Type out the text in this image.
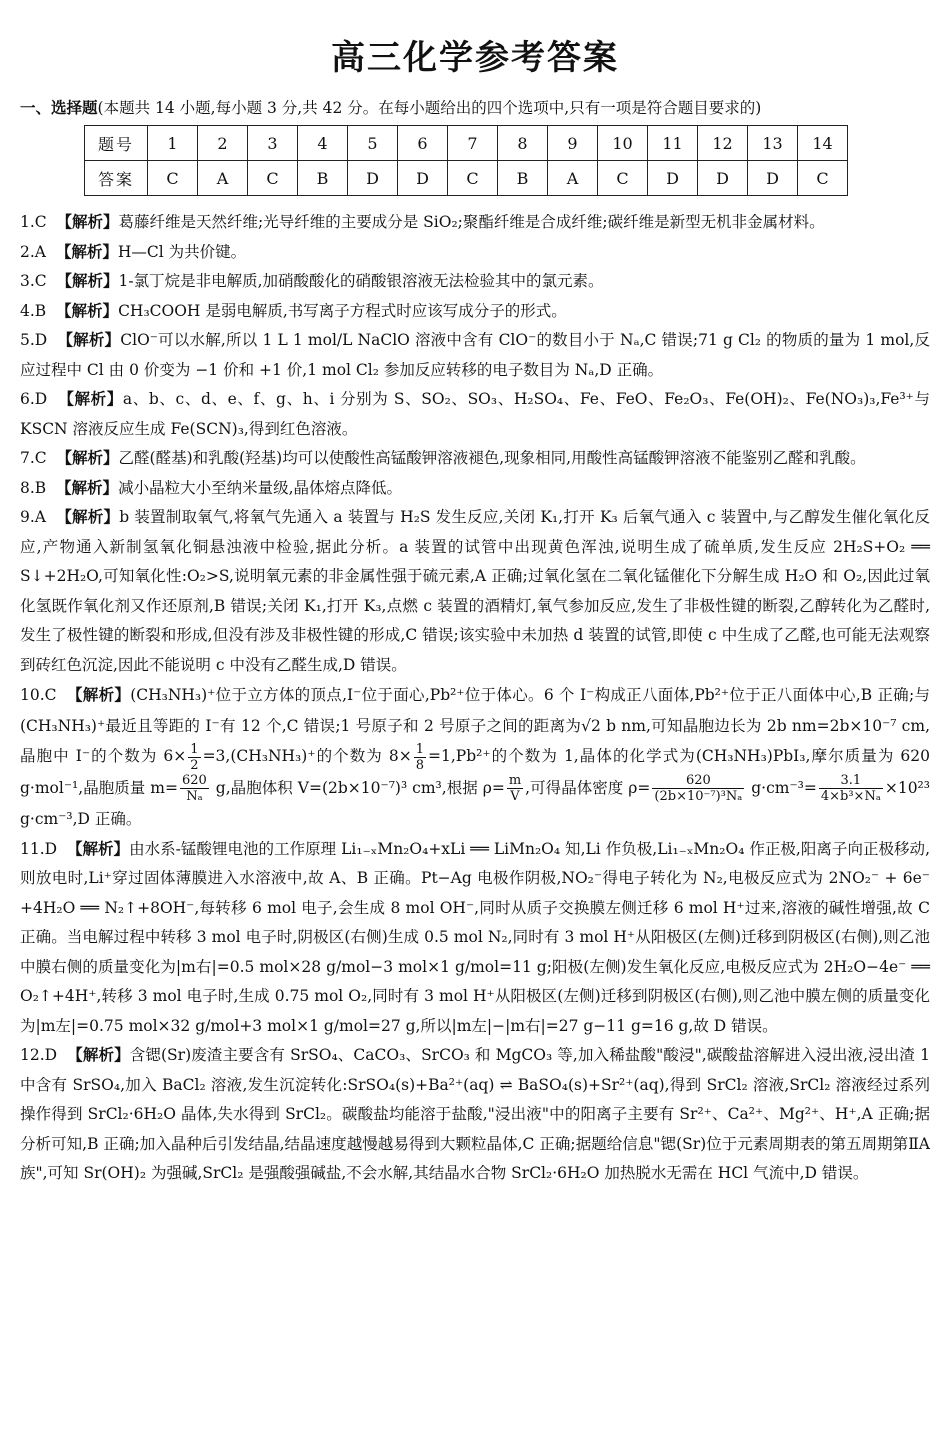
高三化学参考答案
一、选择题(本题共 14 小题,每小题 3 分,共 42 分。在每小题给出的四个选项中,只有一项是符合题目要求的)
题号	1	2	3	4	5	6	7	8	9	10	11	12	13	14
答案	C	A	C	B	D	D	C	B	A	C	D	D	D	C

1.C 【解析】葛藤纤维是天然纤维;光导纤维的主要成分是 SiO₂;聚酯纤维是合成纤维;碳纤维是新型无机非金属材料。

2.A 【解析】H—Cl 为共价键。

3.C 【解析】1-氯丁烷是非电解质,加硝酸酸化的硝酸银溶液无法检验其中的氯元素。

4.B 【解析】CH₃COOH 是弱电解质,书写离子方程式时应该写成分子的形式。

5.D 【解析】ClO⁻可以水解,所以 1 L 1 mol/L NaClO 溶液中含有 ClO⁻的数目小于 Nₐ,C 错误;71 g Cl₂ 的物质的量为 1 mol,反应过程中 Cl 由 0 价变为 −1 价和 +1 价,1 mol Cl₂ 参加反应转移的电子数目为 Nₐ,D 正确。

6.D 【解析】a、b、c、d、e、f、g、h、i 分别为 S、SO₂、SO₃、H₂SO₄、Fe、FeO、Fe₂O₃、Fe(OH)₂、Fe(NO₃)₃,Fe³⁺与 KSCN 溶液反应生成 Fe(SCN)₃,得到红色溶液。

7.C 【解析】乙醛(醛基)和乳酸(羟基)均可以使酸性高锰酸钾溶液褪色,现象相同,用酸性高锰酸钾溶液不能鉴别乙醛和乳酸。

8.B 【解析】减小晶粒大小至纳米量级,晶体熔点降低。

9.A 【解析】b 装置制取氧气,将氧气先通入 a 装置与 H₂S 发生反应,关闭 K₁,打开 K₃ 后氧气通入 c 装置中,与乙醇发生催化氧化反应,产物通入新制氢氧化铜悬浊液中检验,据此分析。a 装置的试管中出现黄色浑浊,说明生成了硫单质,发生反应 2H₂S+O₂ ══ S↓+2H₂O,可知氧化性:O₂>S,说明氧元素的非金属性强于硫元素,A 正确;过氧化氢在二氧化锰催化下分解生成 H₂O 和 O₂,因此过氧化氢既作氧化剂又作还原剂,B 错误;关闭 K₁,打开 K₃,点燃 c 装置的酒精灯,氧气参加反应,发生了非极性键的断裂,乙醇转化为乙醛时,发生了极性键的断裂和形成,但没有涉及非极性键的形成,C 错误;该实验中未加热 d 装置的试管,即使 c 中生成了乙醛,也可能无法观察到砖红色沉淀,因此不能说明 c 中没有乙醛生成,D 错误。

10.C 【解析】(CH₃NH₃)⁺位于立方体的顶点,I⁻位于面心,Pb²⁺位于体心。6 个 I⁻构成正八面体,Pb²⁺位于正八面体中心,B 正确;与(CH₃NH₃)⁺最近且等距的 I⁻有 12 个,C 错误;1 号原子和 2 号原子之间的距离为√2 b nm,可知晶胞边长为 2b nm=2b×10⁻⁷ cm,晶胞中 I⁻的个数为 $6\times \frac{1}{2} =3,(CH_3NH_3)^+$的个数为 $8\times \frac{1}{8} =1,Pb^{2+}$的个数为 1,晶体的化学式为(CH₃NH₃)PbI₃,摩尔质量为 620 g·mol⁻¹,晶胞质量 $m= \frac{620}{\text{Nₐ}} g$,晶胞体积 V=(2b×10⁻⁷)³ cm³,根据 $\rho= \frac{m}{V}$ ,可得晶体密度 $\rho= \frac{620}{\text{(2b×10⁻⁷)³Nₐ}} g\cdot cm^{-3}= \frac{3.1}{\text{4×b³×Nₐ}} \times 10^{23}$ g·cm⁻³,D 正确。

11.D 【解析】由水系-锰酸锂电池的工作原理 Li₁₋ₓMn₂O₄+xLi ══ LiMn₂O₄ 知,Li 作负极,Li₁₋ₓMn₂O₄ 作正极,阳离子向正极移动,则放电时,Li⁺穿过固体薄膜进入水溶液中,故 A、B 正确。Pt−Ag 电极作阴极,NO₂⁻得电子转化为 N₂,电极反应式为 2NO₂⁻ + 6e⁻ +4H₂O ══ N₂↑+8OH⁻,每转移 6 mol 电子,会生成 8 mol OH⁻,同时从质子交换膜左侧迁移 6 mol H⁺过来,溶液的碱性增强,故 C 正确。当电解过程中转移 3 mol 电子时,阴极区(右侧)生成 0.5 mol N₂,同时有 3 mol H⁺从阳极区(左侧)迁移到阴极区(右侧),则乙池中膜右侧的质量变化为|m右|=0.5 mol×28 g/mol−3 mol×1 g/mol=11 g;阳极(左侧)发生氧化反应,电极反应式为 2H₂O−4e⁻ ══ O₂↑+4H⁺,转移 3 mol 电子时,生成 0.75 mol O₂,同时有 3 mol H⁺从阳极区(左侧)迁移到阴极区(右侧),则乙池中膜左侧的质量变化为|m左|=0.75 mol×32 g/mol+3 mol×1 g/mol=27 g,所以|m左|−|m右|=27 g−11 g=16 g,故 D 错误。

12.D 【解析】含锶(Sr)废渣主要含有 SrSO₄、CaCO₃、SrCO₃ 和 MgCO₃ 等,加入稀盐酸"酸浸",碳酸盐溶解进入浸出液,浸出渣 1 中含有 SrSO₄,加入 BaCl₂ 溶液,发生沉淀转化:SrSO₄(s)+Ba²⁺(aq) ⇌ BaSO₄(s)+Sr²⁺(aq),得到 SrCl₂ 溶液,SrCl₂ 溶液经过系列操作得到 SrCl₂·6H₂O 晶体,失水得到 SrCl₂。碳酸盐均能溶于盐酸,"浸出液"中的阳离子主要有 Sr²⁺、Ca²⁺、Mg²⁺、H⁺,A 正确;据分析可知,B 正确;加入晶种后引发结晶,结晶速度越慢越易得到大颗粒晶体,C 正确;据题给信息"锶(Sr)位于元素周期表的第五周期第ⅡA 族",可知 Sr(OH)₂ 为强碱,SrCl₂ 是强酸强碱盐,不会水解,其结晶水合物 SrCl₂·6H₂O 加热脱水无需在 HCl 气流中,D 错误。
